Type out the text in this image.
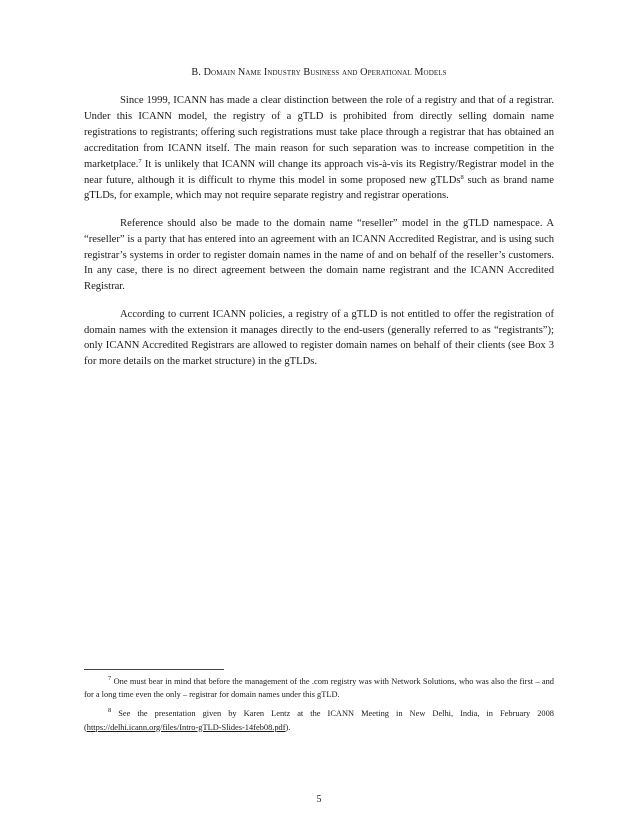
B. Domain Name Industry Business and Operational Models

Since 1999, ICANN has made a clear distinction between the role of a registry and that of a registrar. Under this ICANN model, the registry of a gTLD is prohibited from directly selling domain name registrations to registrants; offering such registrations must take place through a registrar that has obtained an accreditation from ICANN itself. The main reason for such separation was to increase competition in the marketplace.$^7$ It is unlikely that ICANN will change its approach vis-à-vis its Registry/Registrar model in the near future, although it is difficult to rhyme this model in some proposed new gTLDs$^8$ such as brand name gTLDs, for example, which may not require separate registry and registrar operations.

Reference should also be made to the domain name “reseller” model in the gTLD namespace. A “reseller” is a party that has entered into an agreement with an ICANN Accredited Registrar, and is using such registrar’s systems in order to register domain names in the name of and on behalf of the reseller’s customers. In any case, there is no direct agreement between the domain name registrant and the ICANN Accredited Registrar.

According to current ICANN policies, a registry of a gTLD is not entitled to offer the registration of domain names with the extension it manages directly to the end-users (generally referred to as “registrants”); only ICANN Accredited Registrars are allowed to register domain names on behalf of their clients (see Box 3 for more details on the market structure) in the gTLDs.

$^7$ One must bear in mind that before the management of the .com registry was with Network Solutions, who was also the first – and for a long time even the only – registrar for domain names under this gTLD.

$^8$ See the presentation given by Karen Lentz at the ICANN Meeting in New Delhi, India, in February 2008 (https://delhi.icann.org/files/Intro-gTLD-Slides-14feb08.pdf).

5
